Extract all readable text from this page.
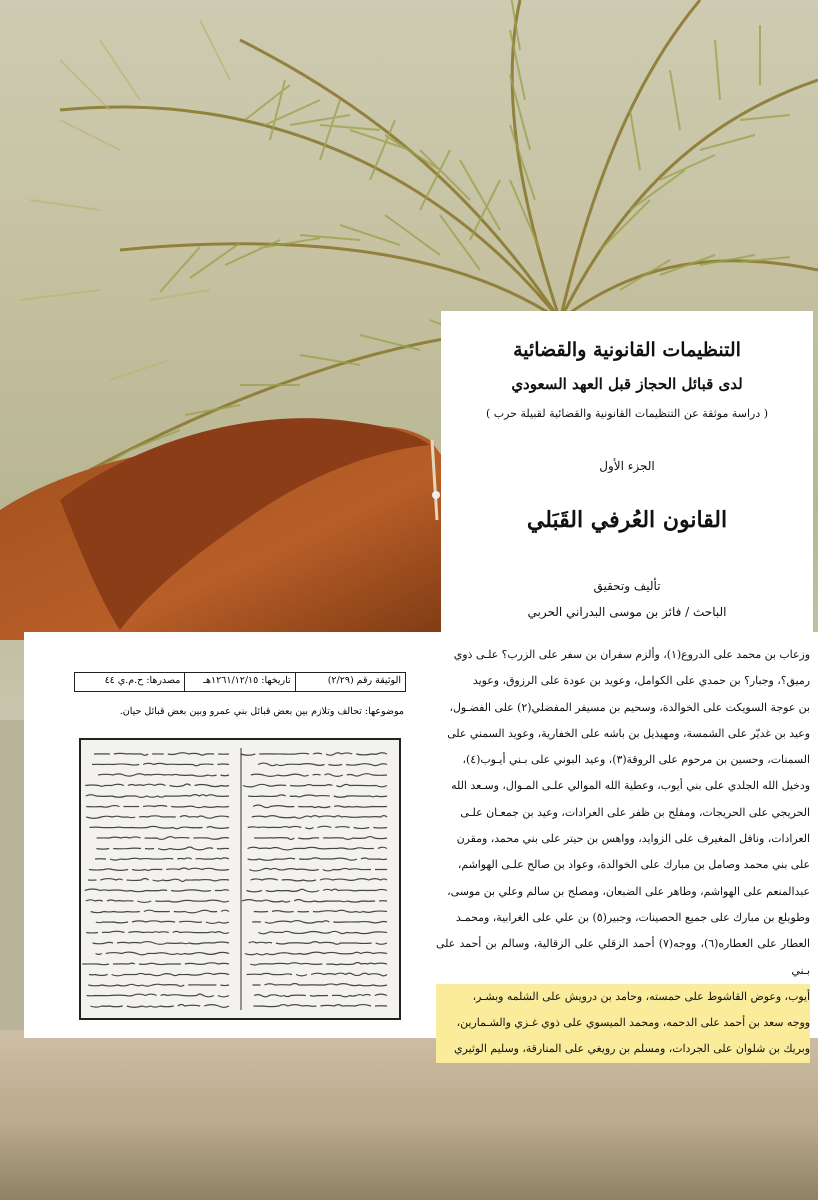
التنظيمات القانونية والقضائية
لدى قبائل الحجاز قبل العهد السعودي
( دراسة موثقة عن التنظيمات القانونية والقضائية لقبيلة حرب )
الجزء الأول
القانون العُرفي القَبَلي
تأليف وتحقيق
الباحث / فائز بن موسى البدراني الحربي
الوثيقة رقم (٢/٢٩)
تاريخها: ١٢٦١/١٢/١٥هـ
مصدرها: ح.م.ي ٤٤
موضوعها: تحالف وتلازم بين بعض قبائل بني عمرو وبين بعض قبائل حيان.

وزعاب بن محمد على الدروع(١)، وألزم سفران بن سفر على الزرب؟ علـى ذوي

رميق؟، وجبار؟ بن حمدي على الكوامل، وعويد بن عودة على الرزوق، وعويد

بن عوجة السويكت على الخوالدة، وسحيم بن مسيفر المفضلي(٢) على الفضـول،

وعيد بن غديّر على الشمسة، ومهيذيل بن باشه على الخفارية، وعويد السمني على

السمنات، وحسين بن مرحوم على الروقة(٣)، وعيد البوني على بـني أيـوب(٤)،

ودخيل الله الجلدي على بني أيوب، وعطية الله الموالي علـى المـوال، وسـعد الله

الحريجي على الحريجات، ومفلح بن ظفر على العرادات، وعيد بن جمعـان علـى

العرادات، ونافل المغيرف على الزوايد، وواهس بن حيتر على بني محمد، ومقرن

على بني محمد وصامل بن مبارك على الخوالدة، وعواد بن صالح علـى الهواشم،

عبدالمنعم على الهواشم، وطاهر على الضبعان، ومصلح بن سالم وعلي بن موسى،

وطويلع بن مبارك على جميع الحصينات، وجبير(٥) بن علي على الغرابية، ومحمـد

العطار على العطاره(٦)، ووجه(٧) أحمد الزقلي على الزقالية، وسالم بن أحمد على بـني

أيوب، وعوض القاشوط على حمسته، وحامد بن درويش على الشلمه وبشـر،

ووجه سعد بن أحمد على الدحمه، ومحمد الميسوي على ذوي غـزي والشـمارين،

وبريك بن شلوان على الجردات، ومسلم بن رويغي على المنارقة، وسليم الوثيري
